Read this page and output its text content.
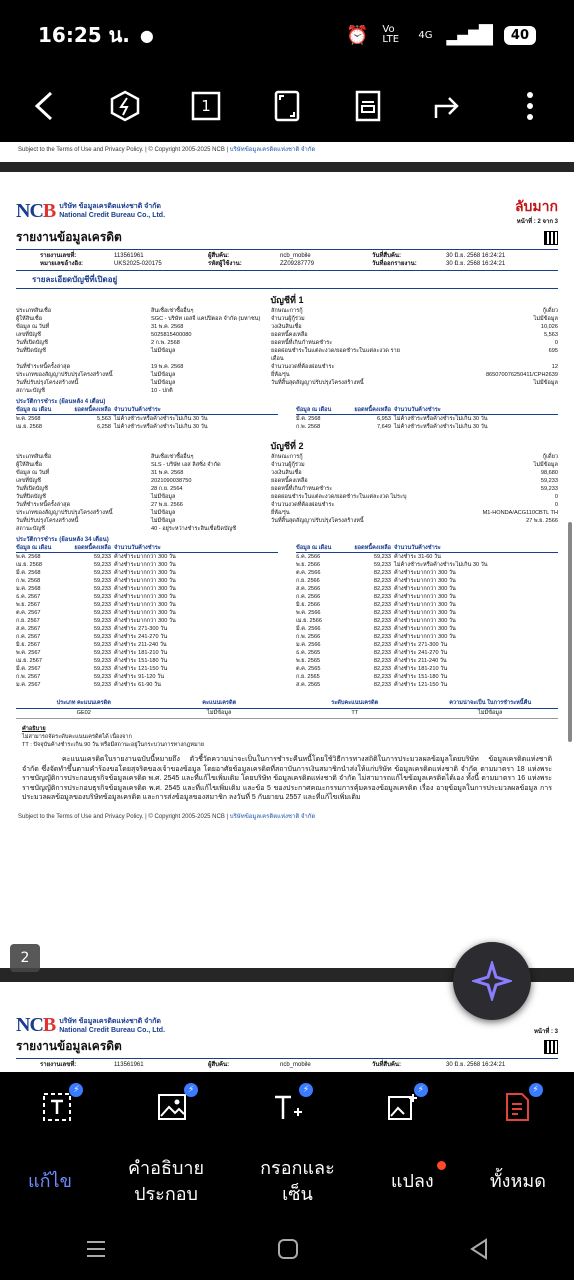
16:25 น. ●	⏰ Vo LTE	4G ▂▄▆█	40
1
Subject to the Terms of Use and Privacy Policy. | © Copyright 2005-2025 NCB | บริษัทข้อมูลเครดิตแห่งชาติ จำกัด
NCB บริษัท ข้อมูลเครดิตแห่งชาติ จำกัด
National Credit Bureau Co., Ltd.
ลับมาก
หน้าที่ : 2 จาก 3
รายงานข้อมูลเครดิต
รายงานเลขที่:	113561961	ผู้สืบค้น:	ncb_mobile	วันที่สืบค้น:	30 มิ.ย. 2568 16:24:21
หมายเลขอ้างอิง:	UKS2025-020175	รหัสผู้ใช้งาน:	ZZ09287779	วันที่ออกรายงาน:	30 มิ.ย. 2568 16:24:21
รายละเอียดบัญชีที่เปิดอยู่
บัญชีที่ 1
ประเภทสินเชื่อ	สินเชื่อเช่าซื้ออื่นๆ	ลักษณะการกู้	กู้เดี่ยว
ผู้ให้สินเชื่อ	SGC - บริษัท เอสจี แคปปิตอล จำกัด (มหาชน)	จำนวนผู้กู้ร่วม	ไม่มีข้อมูล
ข้อมูล ณ วันที่	31 พ.ค. 2568	วงเงินสินเชื่อ	10,026
เลขที่บัญชี	5025815400080	ยอดหนี้คงเหลือ	5,563
วันที่เปิดบัญชี	2 ก.พ. 2568	ยอดหนี้ที่เกินกำหนดชำระ	0
วันที่ปิดบัญชี	ไม่มีข้อมูล	ยอดผ่อนชำระในแต่ละงวด/ยอดชำระในแต่ละงวด รายเดือน
695
วันที่ชำระหนี้ครั้งล่าสุด	19 พ.ค. 2568	จำนวนงวดที่ต้องผ่อนชำระ	12
ประเภทของสัญญาปรับปรุงโครงสร้างหนี้	ไม่มีข้อมูล	ยี่ห้อ/รุ่น	865070076250411/CPH2639
วันที่ปรับปรุงโครงสร้างหนี้	ไม่มีข้อมูล	วันที่สิ้นสุดสัญญาปรับปรุงโครงสร้างหนี้	ไม่มีข้อมูล
สถานะบัญชี	10 - ปกติ
ประวัติการชำระ (ย้อนหลัง 4 เดือน)
ข้อมูล ณ เดือน	ยอดหนี้คงเหลือ จำนวนวันค้างชำระ
พ.ค. 2568	5,563 ไม่ค้างชำระหรือค้างชำระไม่เกิน 30 วัน
เม.ย. 2568	6,258 ไม่ค้างชำระหรือค้างชำระไม่เกิน 30 วัน
ข้อมูล ณ เดือน	ยอดหนี้คงเหลือ จำนวนวันค้างชำระ
มี.ค. 2568	6,953 ไม่ค้างชำระหรือค้างชำระไม่เกิน 30 วัน
ก.พ. 2568	7,649 ไม่ค้างชำระหรือค้างชำระไม่เกิน 30 วัน
บัญชีที่ 2
ประเภทสินเชื่อ	สินเชื่อเช่าซื้ออื่นๆ	ลักษณะการกู้	กู้เดี่ยว
ผู้ให้สินเชื่อ	SLS - บริษัท เอส ลิสซิ่ง จำกัด	จำนวนผู้กู้ร่วม	ไม่มีข้อมูล
ข้อมูล ณ วันที่	31 พ.ค. 2568	วงเงินสินเชื่อ	98,680
เลขที่บัญชี	2021090038750	ยอดหนี้คงเหลือ	59,233
วันที่เปิดบัญชี	28 ก.ย. 2564	ยอดหนี้ที่เกินกำหนดชำระ	59,233
วันที่ปิดบัญชี	ไม่มีข้อมูล	ยอดผ่อนชำระในแต่ละงวด/ยอดชำระในแต่ละงวด ไม่ระบุ	0
วันที่ชำระหนี้ครั้งล่าสุด	27 พ.ย. 2566	จำนวนงวดที่ต้องผ่อนชำระ	0
ประเภทของสัญญาปรับปรุงโครงสร้างหนี้	ไม่มีข้อมูล	ยี่ห้อ/รุ่น	M1-HONDA/ACG110CBTL TH
วันที่ปรับปรุงโครงสร้างหนี้	ไม่มีข้อมูล	วันที่สิ้นสุดสัญญาปรับปรุงโครงสร้างหนี้	27 พ.ย. 2566
สถานะบัญชี	40 - อยู่ระหว่างชำระสินเชื่อปิดบัญชี
ประวัติการชำระ (ย้อนหลัง 34 เดือน)
ข้อมูล ณ เดือน	ยอดหนี้คงเหลือ จำนวนวันค้างชำระ
พ.ค. 2568	59,233 ค้างชำระมากกว่า 300 วัน
เม.ย. 2568	59,233 ค้างชำระมากกว่า 300 วัน
มี.ค. 2568	59,233 ค้างชำระมากกว่า 300 วัน
ก.พ. 2568	59,233 ค้างชำระมากกว่า 300 วัน
ม.ค. 2568	59,233 ค้างชำระมากกว่า 300 วัน
ธ.ค. 2567	59,233 ค้างชำระมากกว่า 300 วัน
พ.ย. 2567	59,233 ค้างชำระมากกว่า 300 วัน
ต.ค. 2567	59,233 ค้างชำระมากกว่า 300 วัน
ก.ย. 2567	59,233 ค้างชำระมากกว่า 300 วัน
ส.ค. 2567	59,233 ค้างชำระ 271-300 วัน
ก.ค. 2567	59,233 ค้างชำระ 241-270 วัน
มิ.ย. 2567	59,233 ค้างชำระ 211-240 วัน
พ.ค. 2567	59,233 ค้างชำระ 181-210 วัน
เม.ย. 2567	59,233 ค้างชำระ 151-180 วัน
มี.ค. 2567	59,233 ค้างชำระ 121-150 วัน
ก.พ. 2567	59,233 ค้างชำระ 91-120 วัน
ม.ค. 2567	59,233 ค้างชำระ 61-90 วัน
ข้อมูล ณ เดือน	ยอดหนี้คงเหลือ จำนวนวันค้างชำระ
ธ.ค. 2566	59,233 ค้างชำระ 31-60 วัน
พ.ย. 2566	59,233 ไม่ค้างชำระหรือค้างชำระไม่เกิน 30 วัน
ต.ค. 2566	82,233 ค้างชำระมากกว่า 300 วัน
ก.ย. 2566	82,233 ค้างชำระมากกว่า 300 วัน
ส.ค. 2566	82,233 ค้างชำระมากกว่า 300 วัน
ก.ค. 2566	82,233 ค้างชำระมากกว่า 300 วัน
มิ.ย. 2566	82,233 ค้างชำระมากกว่า 300 วัน
พ.ค. 2566	82,233 ค้างชำระมากกว่า 300 วัน
เม.ย. 2566	82,233 ค้างชำระมากกว่า 300 วัน
มี.ค. 2566	82,233 ค้างชำระมากกว่า 300 วัน
ก.พ. 2566	82,233 ค้างชำระมากกว่า 300 วัน
ม.ค. 2566	82,233 ค้างชำระ 271-300 วัน
ธ.ค. 2565	82,233 ค้างชำระ 241-270 วัน
พ.ย. 2565	82,233 ค้างชำระ 211-240 วัน
ต.ค. 2565	82,233 ค้างชำระ 181-210 วัน
ก.ย. 2565	82,233 ค้างชำระ 151-180 วัน
ส.ค. 2565	82,233 ค้างชำระ 121-150 วัน
ประเภท คะแนนเครดิต	คะแนนเครดิต	ระดับคะแนนเครดิต	ความน่าจะเป็น ในการชำระหนี้คืน
GE02	ไม่มีข้อมูล	TT	ไม่มีข้อมูล
คำอธิบาย
ไม่สามารถจัดระดับคะแนนเครดิตได้ เนื่องจาก
TT : ปัจจุบันค้างชำระเกิน 90 วัน หรือมีสถานะอยู่ในกระบวนการทางกฎหมาย
คะแนนเครดิตในรายงานฉบับนี้หมายถึง ตัวชี้วัดความน่าจะเป็นในการชำระคืนหนี้โดยใช้วิธีการทางสถิติในการประมวลผลข้อมูลโดยบริษัท ข้อมูลเครดิตแห่งชาติ จำกัด ซึ่งจัดทำขึ้นตามคำร้องขอโดยสุจริตของเจ้าของข้อมูล โดยอาศัยข้อมูลเครดิตที่สถาบันการเงินสมาชิกนำส่งให้แก่บริษัท ข้อมูลเครดิตแห่งชาติ จำกัด ตามมาตรา 18 แห่งพระราชบัญญัติการประกอบธุรกิจข้อมูลเครดิต พ.ศ. 2545 และที่แก้ไขเพิ่มเติม โดยบริษัท ข้อมูลเครดิตแห่งชาติ จำกัด ไม่สามารถแก้ไขข้อมูลเครดิตได้เอง ทั้งนี้ ตามมาตรา 16 แห่งพระราชบัญญัติการประกอบธุรกิจข้อมูลเครดิต พ.ศ. 2545 และที่แก้ไขเพิ่มเติม และข้อ 5 ของประกาศคณะกรรมการคุ้มครองข้อมูลเครดิต เรื่อง อายุข้อมูลในการประมวลผลข้อมูล การประมวลผลข้อมูลของบริษัทข้อมูลเครดิต และการส่งข้อมูลของสมาชิก ลงวันที่ 5 กันยายน 2557 และที่แก้ไขเพิ่มเติม
Subject to the Terms of Use and Privacy Policy. | © Copyright 2005-2025 NCB | บริษัทข้อมูลเครดิตแห่งชาติ จำกัด
NCB บริษัท ข้อมูลเครดิตแห่งชาติ จำกัด
National Credit Bureau Co., Ltd.	หน้าที่ : 3
รายงานข้อมูลเครดิต
รายงานเลขที่:	113561961	ผู้สืบค้น:	ncb_mobile	วันที่สืบค้น:	30 มิ.ย. 2568 16:24:21
2
⚡	⚡	⚡	⚡	⚡
แก้ไข
คำอธิบาย
ประกอบ
กรอกและ
เซ็น
แปลง	ทั้งหมด
